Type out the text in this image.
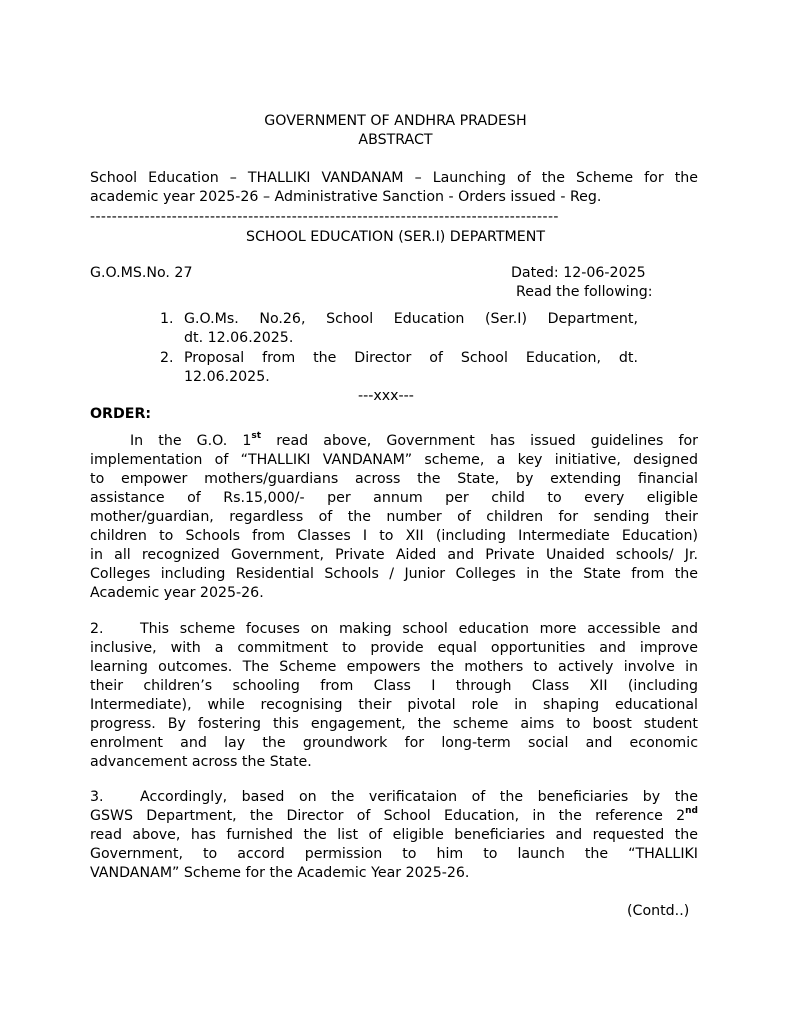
GOVERNMENT OF ANDHRA PRADESH
ABSTRACT
School Education – THALLIKI VANDANAM – Launching of the Scheme for the
academic year 2025-26 – Administrative Sanction - Orders issued - Reg.
--------------------------------------------------------------------------------------
SCHOOL EDUCATION (SER.I) DEPARTMENT
G.O.MS.No. 27	Dated: 12-06-2025
Read the following:
1. G.O.Ms. No.26, School Education (Ser.I) Department,
dt. 12.06.2025.
2. Proposal from the Director of School Education, dt.
12.06.2025.
---xxx---
ORDER:
In the G.O. 1st read above, Government has issued guidelines for
implementation of “THALLIKI VANDANAM” scheme, a key initiative, designed
to empower mothers/guardians across the State, by extending financial
assistance of Rs.15,000/- per annum per child to every eligible
mother/guardian, regardless of the number of children for sending their
children to Schools from Classes I to XII (including Intermediate Education)
in all recognized Government, Private Aided and Private Unaided schools/ Jr.
Colleges including Residential Schools / Junior Colleges in the State from the
Academic year 2025-26.
2.	This scheme focuses on making school education more accessible and
inclusive, with a commitment to provide equal opportunities and improve
learning outcomes. The Scheme empowers the mothers to actively involve in
their children’s schooling from Class I through Class XII (including
Intermediate), while recognising their pivotal role in shaping educational
progress. By fostering this engagement, the scheme aims to boost student
enrolment and lay the groundwork for long-term social and economic
advancement across the State.
3.	Accordingly, based on the verificataion of the beneficiaries by the
GSWS Department, the Director of School Education, in the reference 2nd
read above, has furnished the list of eligible beneficiaries and requested the
Government, to accord permission to him to launch the “THALLIKI
VANDANAM” Scheme for the Academic Year 2025-26.
(Contd..)
